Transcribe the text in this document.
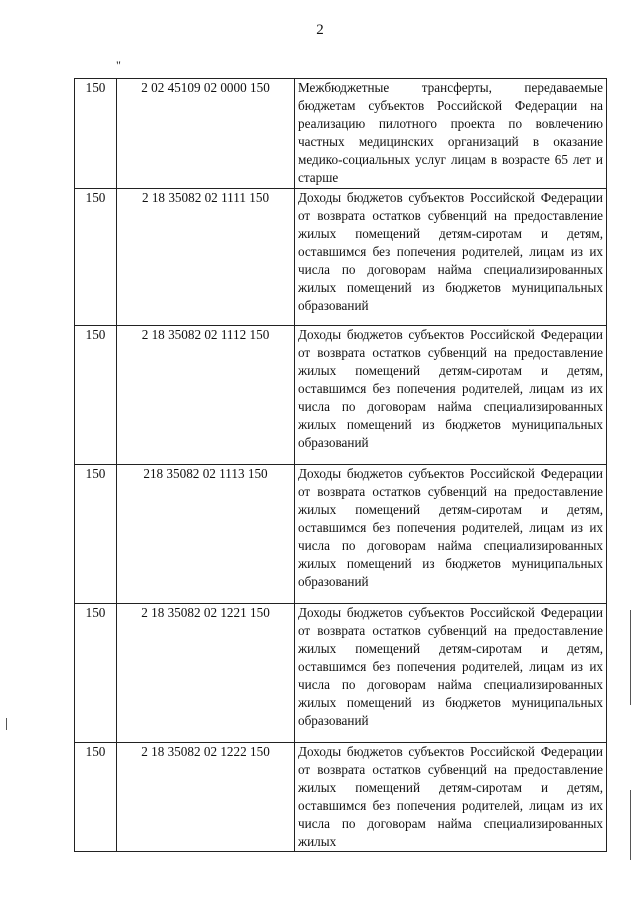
2
"
150	2 02 45109 02 0000 150	Межбюджетные трансферты, передаваемые бюджетам субъектов Российской Федерации на реализацию пилотного проекта по вовлечению частных медицинских организаций в оказание медико-социальных услуг лицам в возрасте 65 лет и старше
150	2 18 35082 02 1111 150	Доходы бюджетов субъектов Российской Федерации от возврата остатков субвенций на предоставление жилых помещений детям-сиротам и детям, оставшимся без попечения родителей, лицам из их числа по договорам найма специализированных жилых помещений из бюджетов муниципальных образований
150	2 18 35082 02 1112 150	Доходы бюджетов субъектов Российской Федерации от возврата остатков субвенций на предоставление жилых помещений детям-сиротам и детям, оставшимся без попечения родителей, лицам из их числа по договорам найма специализированных жилых помещений из бюджетов муниципальных образований
150	218 35082 02 1113 150	Доходы бюджетов субъектов Российской Федерации от возврата остатков субвенций на предоставление жилых помещений детям-сиротам и детям, оставшимся без попечения родителей, лицам из их числа по договорам найма специализированных жилых помещений из бюджетов муниципальных образований
150	2 18 35082 02 1221 150	Доходы бюджетов субъектов Российской Федерации от возврата остатков субвенций на предоставление жилых помещений детям-сиротам и детям, оставшимся без попечения родителей, лицам из их числа по договорам найма специализированных жилых помещений из бюджетов муниципальных образований
150	2 18 35082 02 1222 150	Доходы бюджетов субъектов Российской Федерации от возврата остатков субвенций на предоставление жилых помещений детям-сиротам и детям, оставшимся без попечения родителей, лицам из их числа по договорам найма специализированных жилых
